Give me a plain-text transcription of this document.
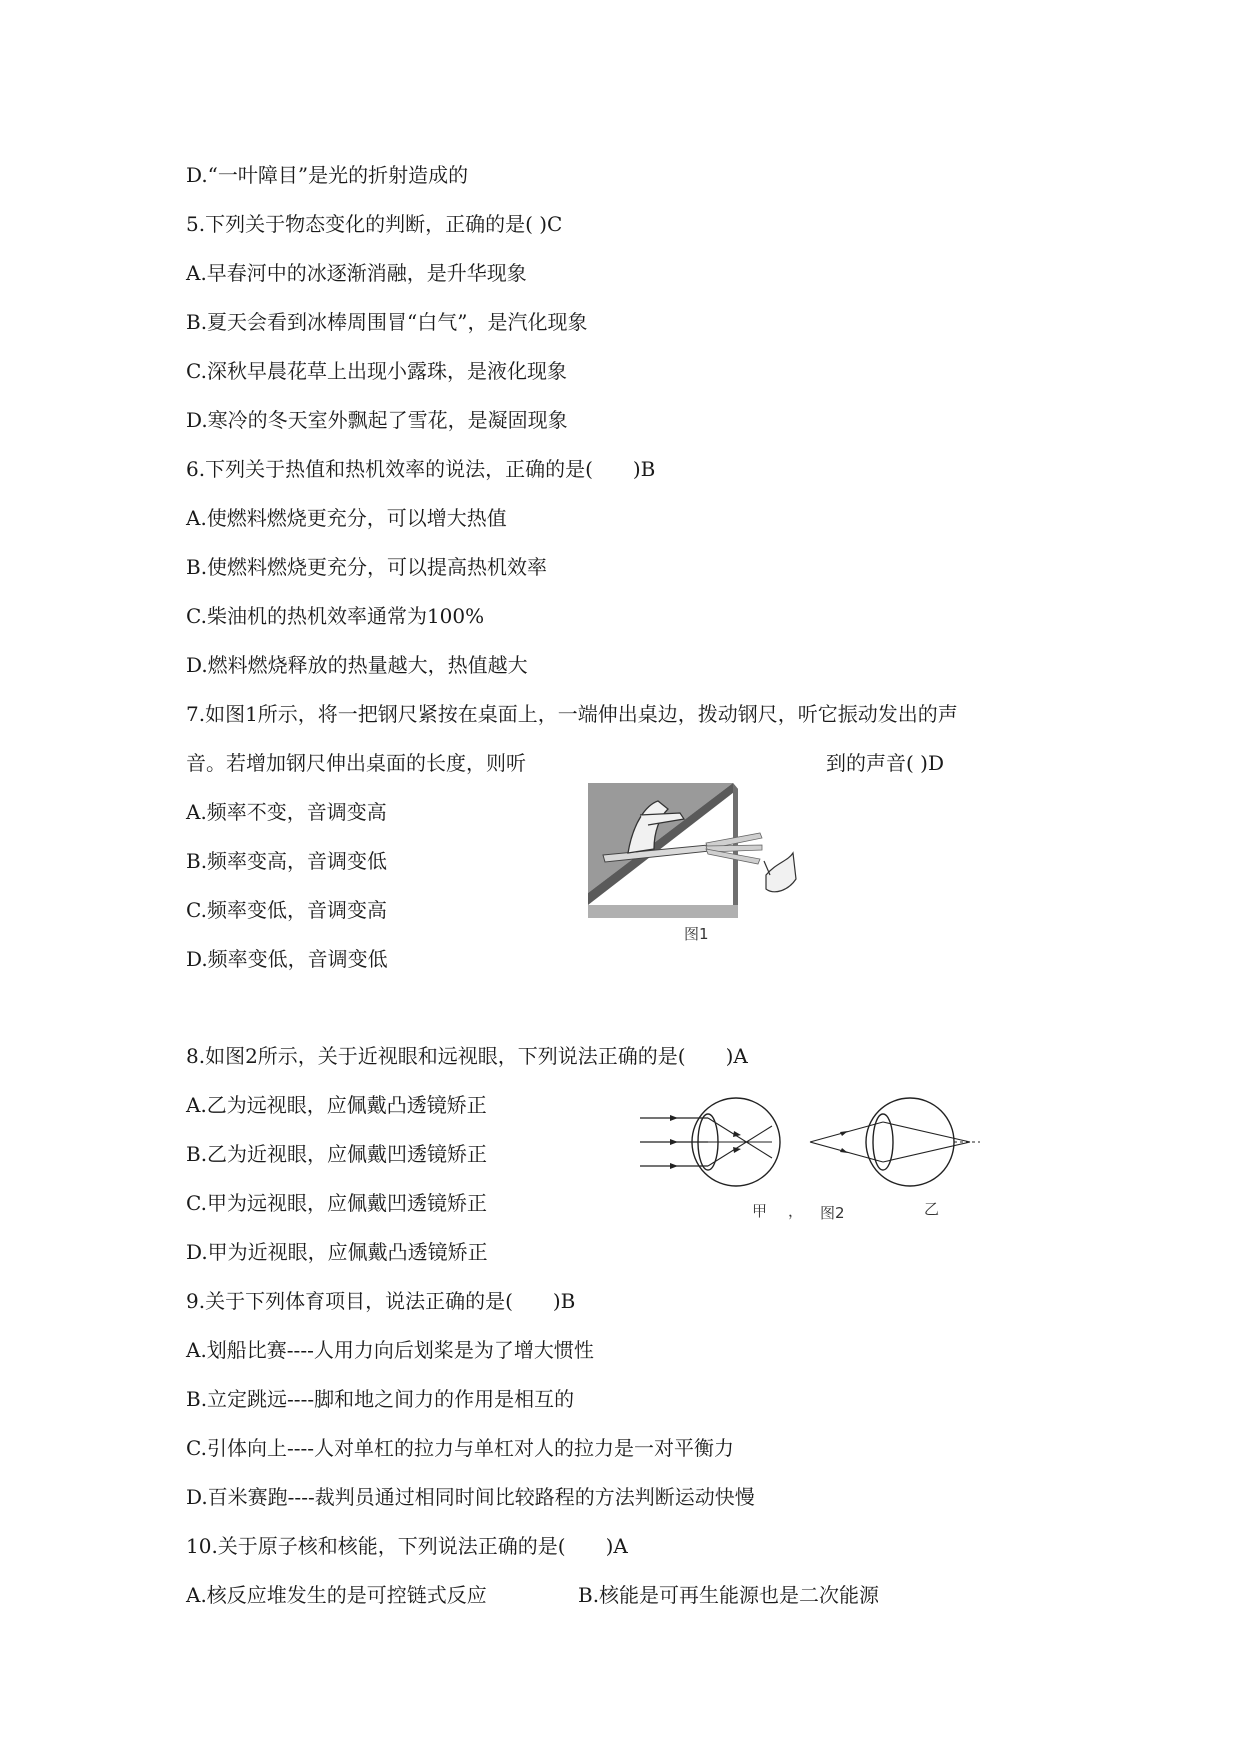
D.“一叶障目”是光的折射造成的
5.下列关于物态变化的判断，正确的是( )C
A.早春河中的冰逐渐消融，是升华现象
B.夏天会看到冰棒周围冒“白气”，是汽化现象
C.深秋早晨花草上出现小露珠，是液化现象
D.寒冷的冬天室外飘起了雪花，是凝固现象
6.下列关于热值和热机效率的说法，正确的是(　　)B
A.使燃料燃烧更充分，可以增大热值
B.使燃料燃烧更充分，可以提高热机效率
C.柴油机的热机效率通常为100%
D.燃料燃烧释放的热量越大，热值越大
7.如图1所示，将一把钢尺紧按在桌面上，一端伸出桌边，拨动钢尺，听它振动发出的声
音。若增加钢尺伸出桌面的长度，则听	到的声音( )D
A.频率不变，音调变高
B.频率变高，音调变低
C.频率变低，音调变高
D.频率变低，音调变低
8.如图2所示，关于近视眼和远视眼，下列说法正确的是(　　)A
A.乙为远视眼，应佩戴凸透镜矫正
B.乙为近视眼，应佩戴凹透镜矫正
C.甲为远视眼，应佩戴凹透镜矫正
D.甲为近视眼，应佩戴凸透镜矫正
9.关于下列体育项目，说法正确的是(　　)B
A.划船比赛----人用力向后划桨是为了增大惯性
B.立定跳远----脚和地之间力的作用是相互的
C.引体向上----人对单杠的拉力与单杠对人的拉力是一对平衡力
D.百米赛跑----裁判员通过相同时间比较路程的方法判断运动快慢
10.关于原子核和核能，下列说法正确的是(　　)A
A.核反应堆发生的是可控链式反应	B.核能是可再生能源也是二次能源
图1
甲 ， 图2	乙
